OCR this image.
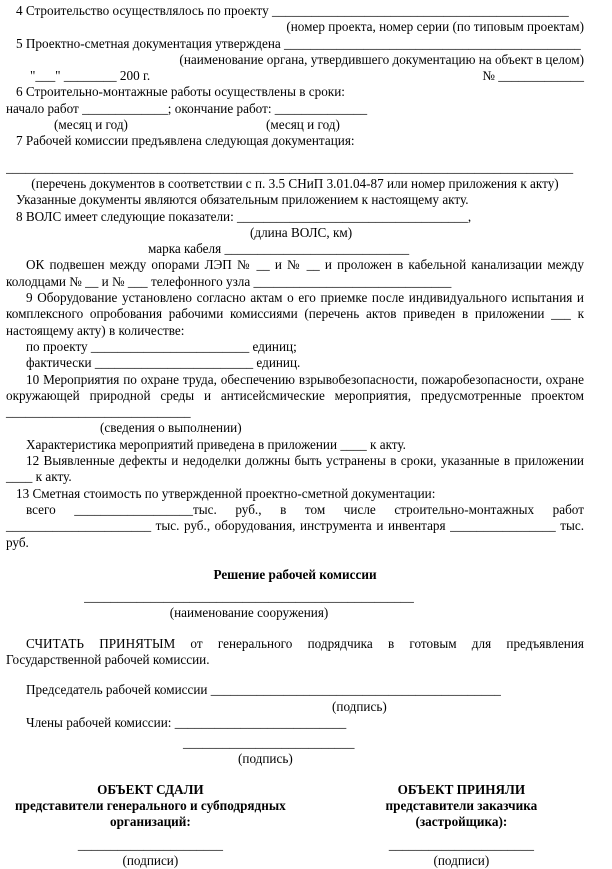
4 Строительство осуществлялось по проекту _____________________________________________
(номер проекта, номер серии (по типовым проектам)
5 Проектно-сметная документация утверждена _____________________________________________
(наименование органа, утвердившего документацию на объект в целом)
"___" ________ 200 г.	№ _____________
6 Строительно-монтажные работы осуществлены в сроки:
начало работ _____________; окончание работ: ______________
(месяц и год)	(месяц и год)
7 Рабочей комиссии предъявлена следующая документация:
______________________________________________________________________________________
(перечень документов в соответствии с п. 3.5 СНиП 3.01.04-87 или номер приложения к акту)
Указанные документы являются обязательным приложением к настоящему акту.
8 ВОЛС имеет следующие показатели: ___________________________________,
(длина ВОЛС, км)
марка кабеля ____________________________
ОК подвешен между опорами ЛЭП № __ и № __ и проложен в кабельной канализации между колодцами № __ и № ___ телефонного узла ______________________________
9 Оборудование установлено согласно актам о его приемке после индивидуального испытания и комплексного опробования рабочими комиссиями (перечень актов приведен в приложении ___ к настоящему акту) в количестве:
по проекту ________________________ единиц;
фактически ________________________ единиц.
10 Мероприятия по охране труда, обеспечению взрывобезопасности, пожаробезопасности, охране окружающей природной среды и антисейсмические мероприятия, предусмотренные проектом ____________________________
(сведения о выполнении)
Характеристика мероприятий приведена в приложении ____ к акту.
12 Выявленные дефекты и недоделки должны быть устранены в сроки, указанные в приложении ____ к акту.
13 Сметная стоимость по утвержденной проектно-сметной документации:
всего __________________тыс. руб., в том числе строительно-монтажных работ ______________________ тыс. руб., оборудования, инструмента и инвентаря ________________ тыс. руб.
Решение рабочей комиссии
__________________________________________________
(наименование сооружения)
СЧИТАТЬ ПРИНЯТЫМ от генерального подрядчика в готовым для предъявления Государственной рабочей комиссии.
Председатель рабочей комиссии ____________________________________________
(подпись)
Члены рабочей комиссии: __________________________
__________________________
(подпись)
ОБЪЕКТ СДАЛИ
представители генерального и субподрядных организаций:
______________________
(подписи)
ОБЪЕКТ ПРИНЯЛИ
представители заказчика (застройщика):
______________________
(подписи)
